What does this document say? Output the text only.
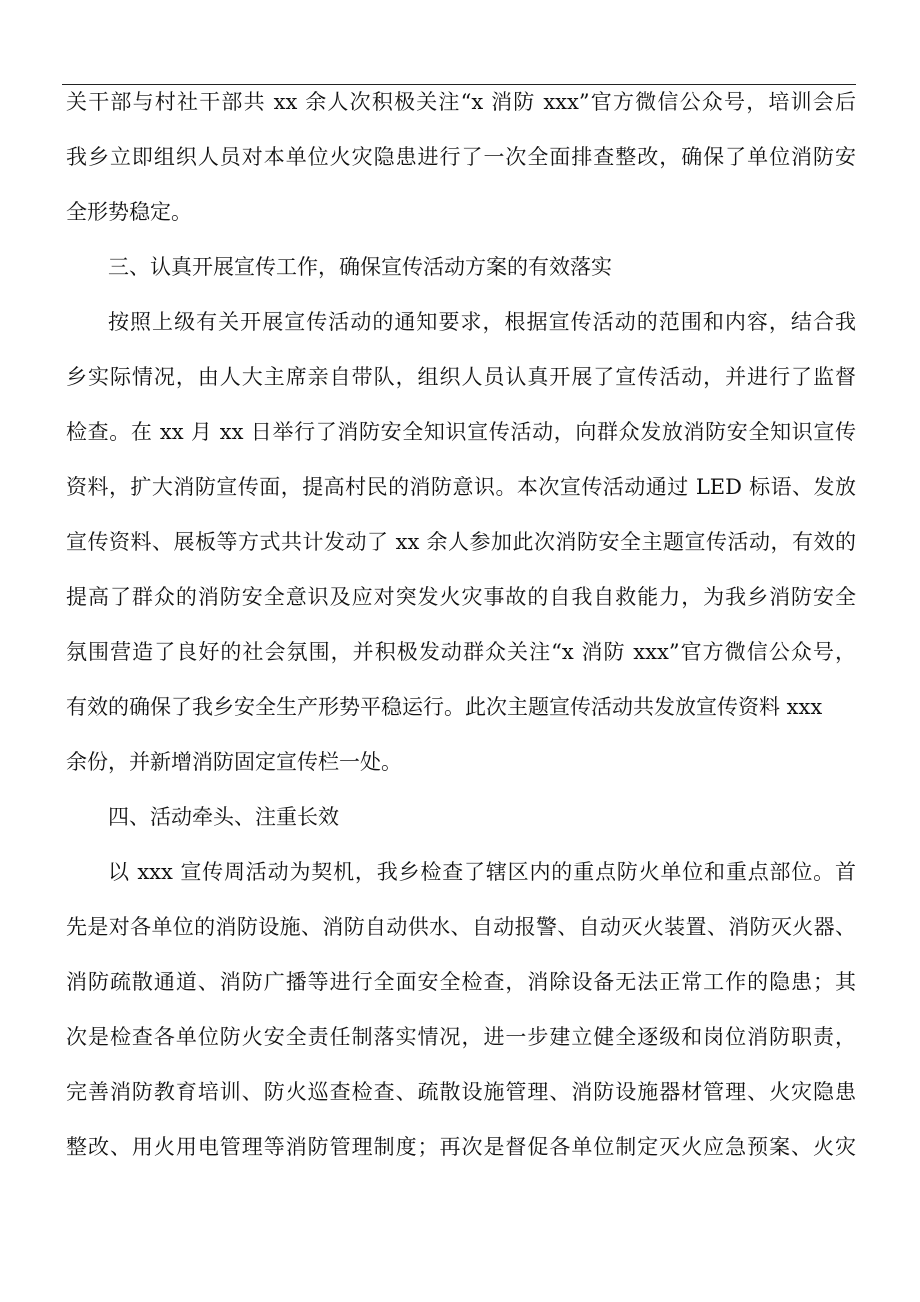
关干部与村社干部共 xx 余人次积极关注“x 消防 xxx”官方微信公众号，培训会后
我乡立即组织人员对本单位火灾隐患进行了一次全面排查整改，确保了单位消防安
全形势稳定。
三、认真开展宣传工作，确保宣传活动方案的有效落实
按照上级有关开展宣传活动的通知要求，根据宣传活动的范围和内容，结合我
乡实际情况，由人大主席亲自带队，组织人员认真开展了宣传活动，并进行了监督
检查。在 xx 月 xx 日举行了消防安全知识宣传活动，向群众发放消防安全知识宣传
资料，扩大消防宣传面，提高村民的消防意识。本次宣传活动通过 LED 标语、发放
宣传资料、展板等方式共计发动了 xx 余人参加此次消防安全主题宣传活动，有效的
提高了群众的消防安全意识及应对突发火灾事故的自我自救能力，为我乡消防安全
氛围营造了良好的社会氛围，并积极发动群众关注“x 消防 xxx”官方微信公众号，
有效的确保了我乡安全生产形势平稳运行。此次主题宣传活动共发放宣传资料 xxx
余份，并新增消防固定宣传栏一处。
四、活动牵头、注重长效
以 xxx 宣传周活动为契机，我乡检查了辖区内的重点防火单位和重点部位。首
先是对各单位的消防设施、消防自动供水、自动报警、自动灭火装置、消防灭火器、
消防疏散通道、消防广播等进行全面安全检查，消除设备无法正常工作的隐患；其
次是检查各单位防火安全责任制落实情况，进一步建立健全逐级和岗位消防职责，
完善消防教育培训、防火巡查检查、疏散设施管理、消防设施器材管理、火灾隐患
整改、用火用电管理等消防管理制度；再次是督促各单位制定灭火应急预案、火灾
